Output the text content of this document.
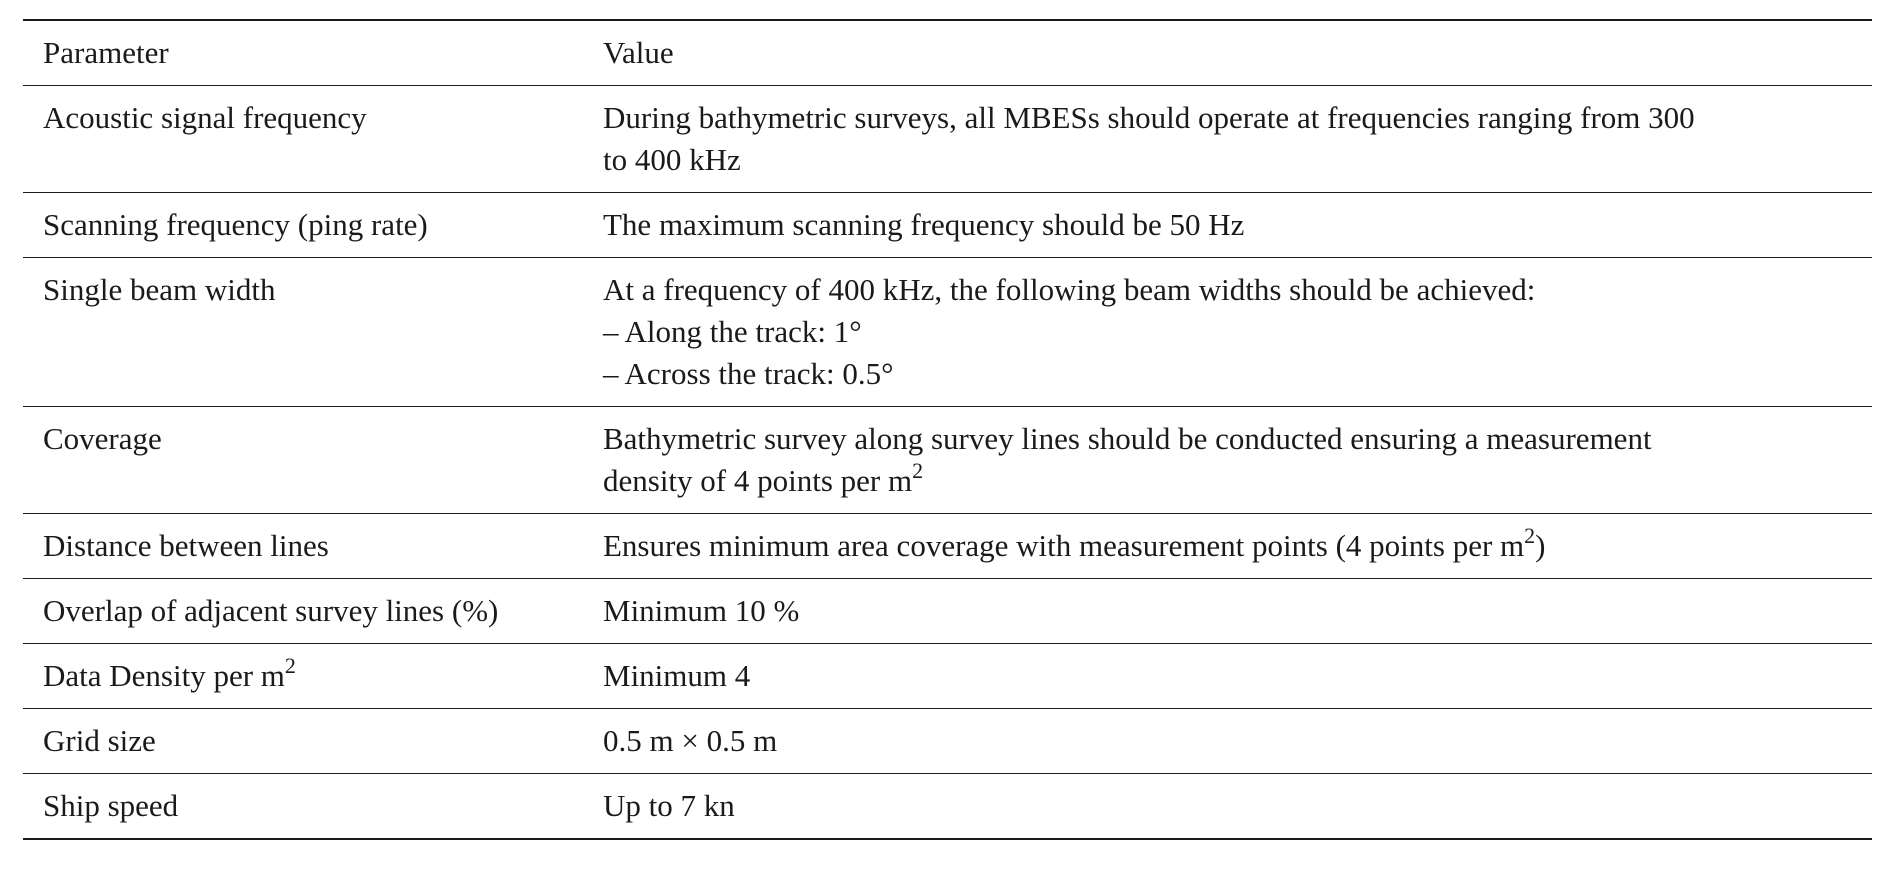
Parameter	Value
Acoustic signal frequency	During bathymetric surveys, all MBESs should operate at frequencies ranging from 300
to 400 kHz

Scanning frequency (ping rate)	The maximum scanning frequency should be 50 Hz

Single beam width	At a frequency of 400 kHz, the following beam widths should be achieved:
– Along the track: 1°
– Across the track: 0.5°

Coverage	Bathymetric survey along survey lines should be conducted ensuring a measurement
density of 4 points per $m^2$

Distance between lines	Ensures minimum area coverage with measurement points (4 points per $m^2$)

Overlap of adjacent survey lines (%)	Minimum 10 %

Data Density per $m^2$	Minimum 4

Grid size	0.5 m × 0.5 m

Ship speed	Up to 7 kn
